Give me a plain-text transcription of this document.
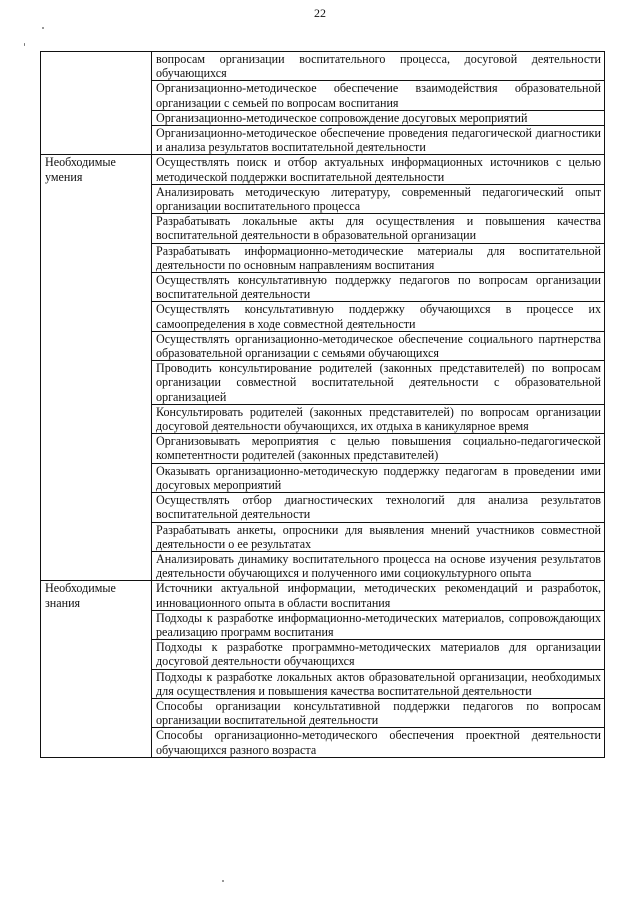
22
	вопросам организации воспитательного процесса, досуговой деятельности обучающихся
	Организационно-методическое обеспечение взаимодействия образовательной организации с семьей по вопросам воспитания
	Организационно-методическое сопровождение досуговых мероприятий
	Организационно-методическое обеспечение проведения педагогической диагностики и анализа результатов воспитательной деятельности
Необходимые умения	Осуществлять поиск и отбор актуальных информационных источников с целью методической поддержки воспитательной деятельности
	Анализировать методическую литературу, современный педагогический опыт организации воспитательного процесса
	Разрабатывать локальные акты для осуществления и повышения качества воспитательной деятельности в образовательной организации
	Разрабатывать информационно-методические материалы для воспитательной деятельности по основным направлениям воспитания
	Осуществлять консультативную поддержку педагогов по вопросам организации воспитательной деятельности
	Осуществлять консультативную поддержку обучающихся в процессе их самоопределения в ходе совместной деятельности
	Осуществлять организационно-методическое обеспечение социального партнерства образовательной организации с семьями обучающихся
	Проводить консультирование родителей (законных представителей) по вопросам организации совместной воспитательной деятельности с образовательной организацией
	Консультировать родителей (законных представителей) по вопросам организации досуговой деятельности обучающихся, их отдыха в каникулярное время
	Организовывать мероприятия с целью повышения социально-педагогической компетентности родителей (законных представителей)
	Оказывать организационно-методическую поддержку педагогам в проведении ими досуговых мероприятий
	Осуществлять отбор диагностических технологий для анализа результатов воспитательной деятельности
	Разрабатывать анкеты, опросники для выявления мнений участников совместной деятельности о ее результатах
	Анализировать динамику воспитательного процесса на основе изучения результатов деятельности обучающихся и полученного ими социокультурного опыта
Необходимые знания	Источники актуальной информации, методических рекомендаций и разработок, инновационного опыта в области воспитания
	Подходы к разработке информационно-методических материалов, сопровождающих реализацию программ воспитания
	Подходы к разработке программно-методических материалов для организации досуговой деятельности обучающихся
	Подходы к разработке локальных актов образовательной организации, необходимых для осуществления и повышения качества воспитательной деятельности
	Способы организации консультативной поддержки педагогов по вопросам организации воспитательной деятельности
	Способы организационно-методического обеспечения проектной деятельности обучающихся разного возраста
